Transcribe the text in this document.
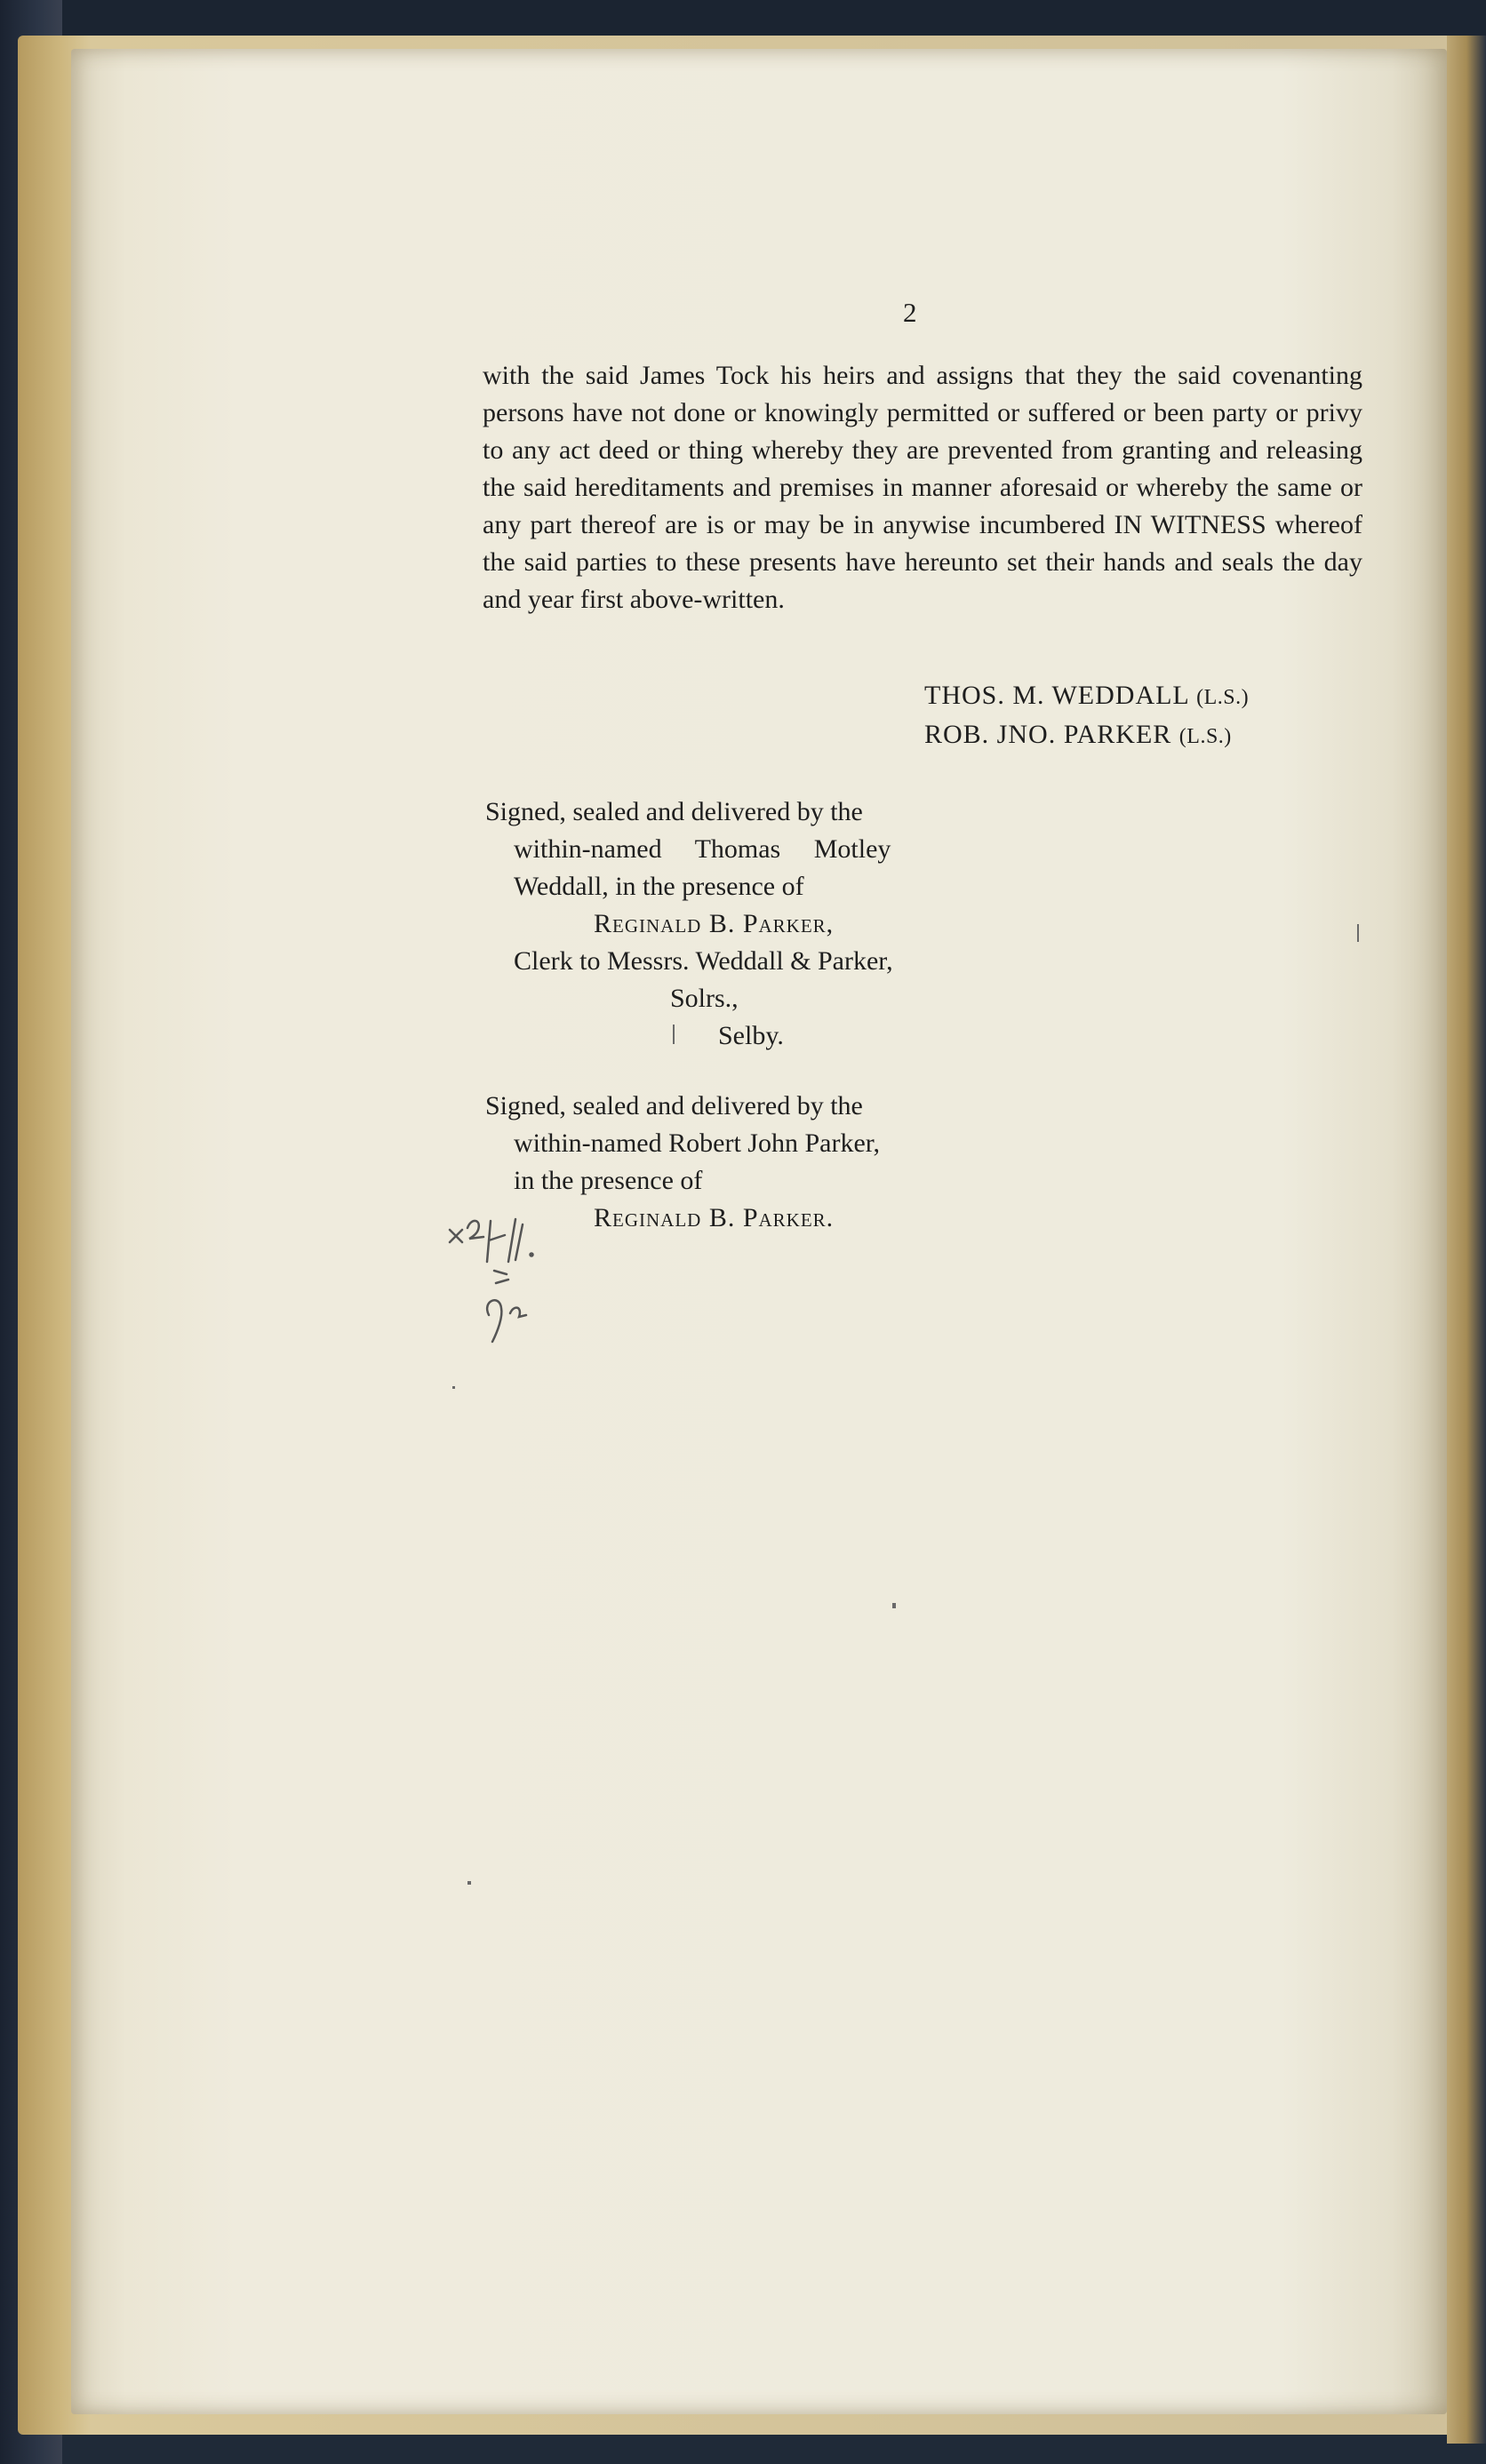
2

with the said James Tock his heirs and assigns that they the said covenanting persons have not done or knowingly permitted or suffered or been party or privy to any act deed or thing whereby they are prevented from granting and releasing the said hereditaments and premises in manner aforesaid or whereby the same or any part thereof are is or may be in anywise incumbered IN WITNESS whereof the said parties to these presents have hereunto set their hands and seals the day and year first above-written.

THOS. M. WEDDALL (L.S.)
ROB. JNO. PARKER (L.S.)
Signed, sealed and delivered by the
within-named Thomas Motley
Weddall, in the presence of
Reginald B. Parker,
Clerk to Messrs. Weddall & Parker,
Solrs.,
Selby.
Signed, sealed and delivered by the
within-named Robert John Parker,
in the presence of
Reginald B. Parker.
